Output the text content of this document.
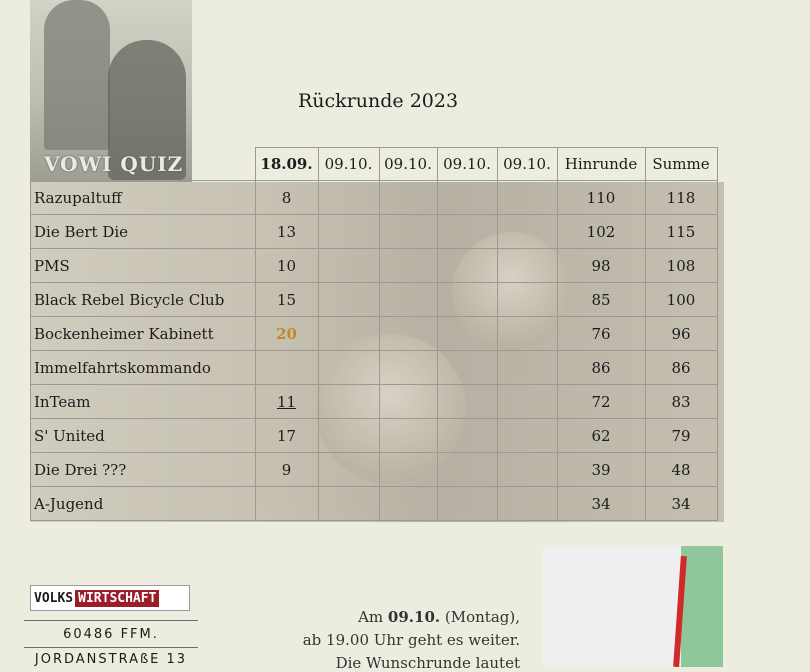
VOWI QUIZ
Rückrunde 2023
	18.09.	09.10.	09.10.	09.10.	09.10.	Hinrunde	Summe
Razupaltuff	8					110	118
Die Bert Die	13					102	115
PMS	10					98	108
Black Rebel Bicycle Club	15					85	100
Bockenheimer Kabinett	20					76	96
Immelfahrtskommando						86	86
InTeam	11					72	83
S' United	17					62	79
Die Drei ???	9					39	48
A-Jugend						34	34
VOLKS WIRTSCHAFT
60486 FFM.
JORDANSTRAßE 13
Am 09.10. (Montag),
ab 19.00 Uhr geht es weiter.
Die Wunschrunde lautet
